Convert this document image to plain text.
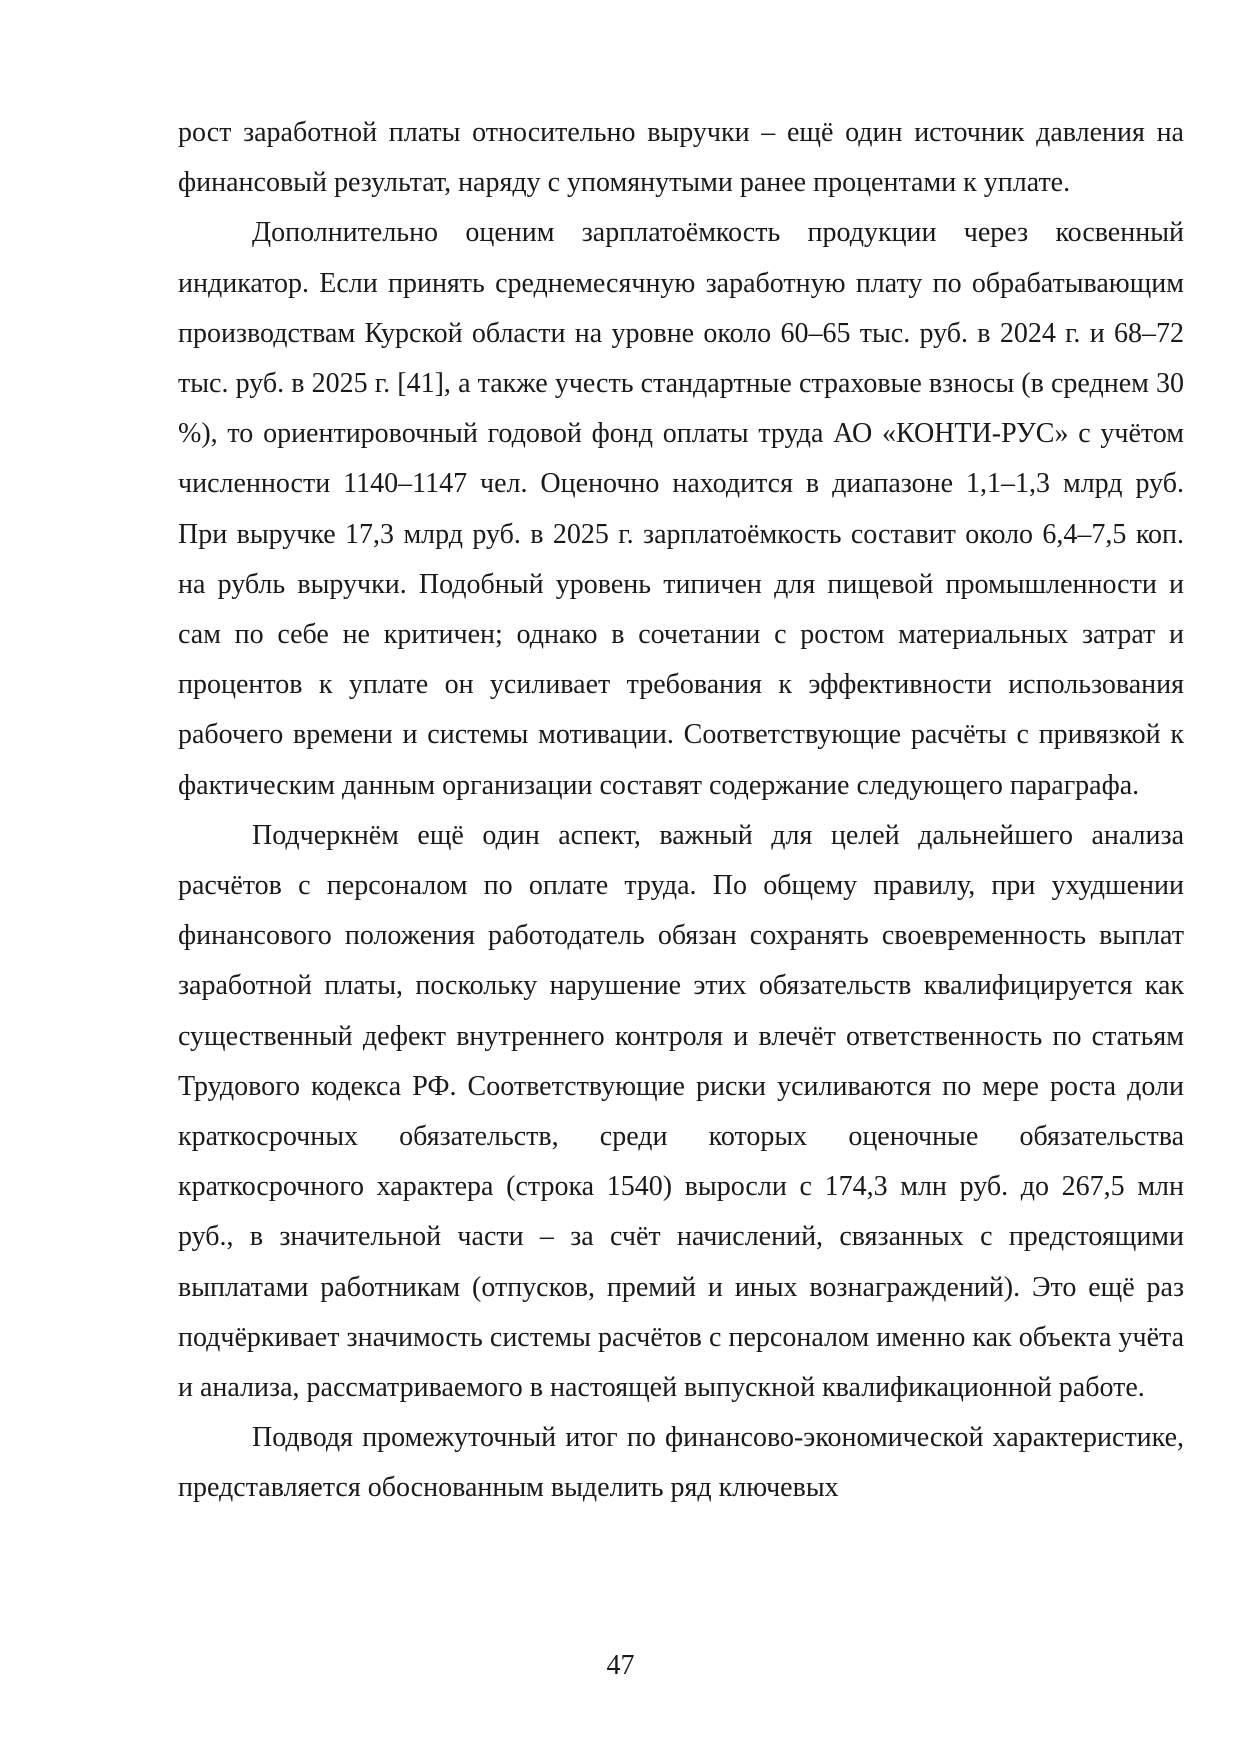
рост заработной платы относительно выручки – ещё один источник давления на финансовый результат, наряду с упомянутыми ранее процентами к уплате.

Дополнительно оценим зарплатоёмкость продукции через косвенный индикатор. Если принять среднемесячную заработную плату по обрабатывающим производствам Курской области на уровне около 60–65 тыс. руб. в 2024 г. и 68–72 тыс. руб. в 2025 г. [41], а также учесть стандартные страховые взносы (в среднем 30 %), то ориентировочный годовой фонд оплаты труда АО «КОНТИ-РУС» с учётом численности 1140–1147 чел. Оценочно находится в диапазоне 1,1–1,3 млрд руб. При выручке 17,3 млрд руб. в 2025 г. зарплатоёмкость составит около 6,4–7,5 коп. на рубль выручки. Подобный уровень типичен для пищевой промышленности и сам по себе не критичен; однако в сочетании с ростом материальных затрат и процентов к уплате он усиливает требования к эффективности использования рабочего времени и системы мотивации. Соответствующие расчёты с привязкой к фактическим данным организации составят содержание следующего параграфа.

Подчеркнём ещё один аспект, важный для целей дальнейшего анализа расчётов с персоналом по оплате труда. По общему правилу, при ухудшении финансового положения работодатель обязан сохранять своевременность выплат заработной платы, поскольку нарушение этих обязательств квалифицируется как существенный дефект внутреннего контроля и влечёт ответственность по статьям Трудового кодекса РФ. Соответствующие риски усиливаются по мере роста доли краткосрочных обязательств, среди которых оценочные обязательства краткосрочного характера (строка 1540) выросли с 174,3 млн руб. до 267,5 млн руб., в значительной части – за счёт начислений, связанных с предстоящими выплатами работникам (отпусков, премий и иных вознаграждений). Это ещё раз подчёркивает значимость системы расчётов с персоналом именно как объекта учёта и анализа, рассматриваемого в настоящей выпускной квалификационной работе.

Подводя промежуточный итог по финансово-экономической характеристике, представляется обоснованным выделить ряд ключевых

47
